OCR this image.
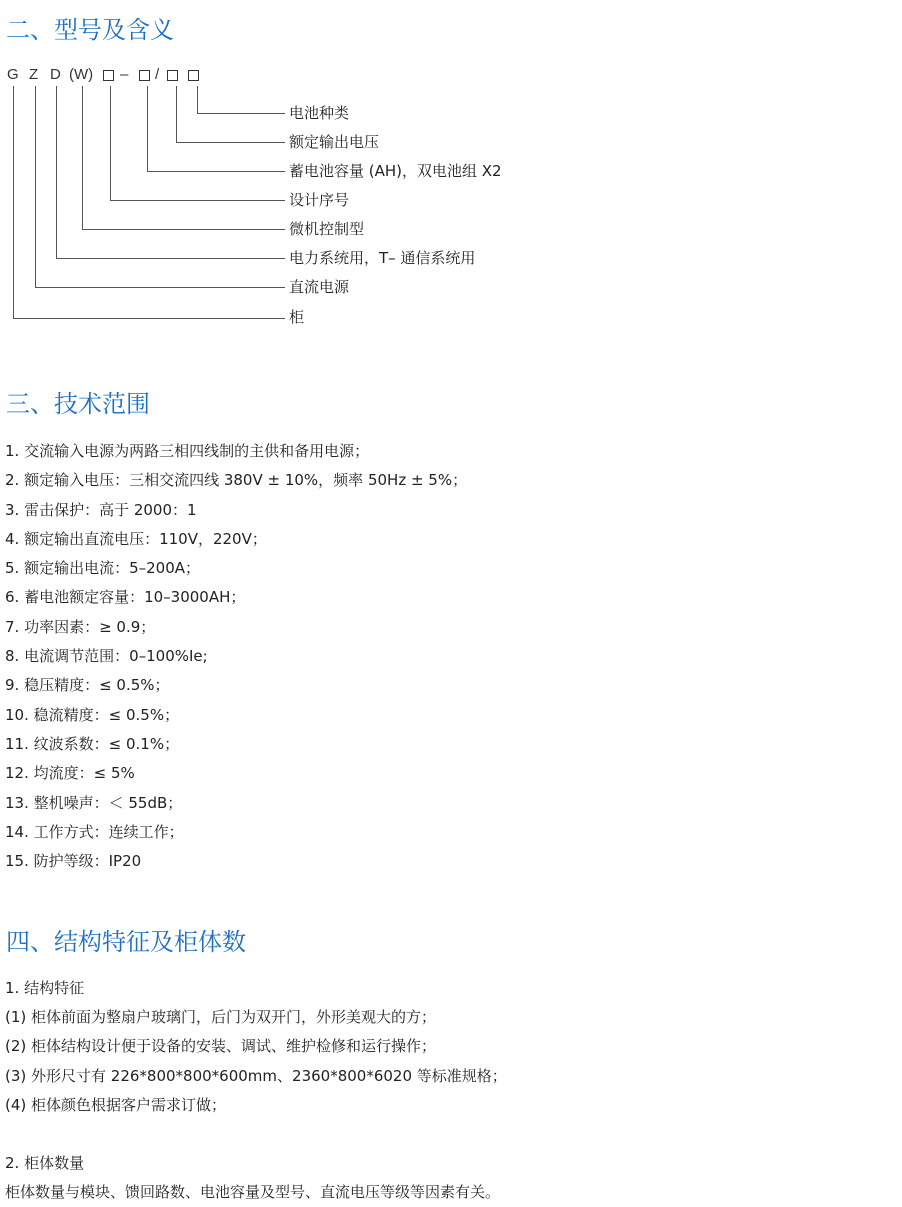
二、型号及含义
G Z D (W) – /
电池种类
额定输出电压
蓄电池容量 (AH)，双电池组 X2
设计序号
微机控制型
电力系统用，T– 通信系统用
直流电源
柜
三、技术范围
1. 交流输入电源为两路三相四线制的主供和备用电源；
2. 额定输入电压：三相交流四线 380V ± 10%，频率 50Hz ± 5%；
3. 雷击保护：高于 2000：1
4. 额定输出直流电压：110V，220V；
5. 额定输出电流：5–200A；
6. 蓄电池额定容量：10–3000AH；
7. 功率因素：≥ 0.9；
8. 电流调节范围：0–100%Ie;
9. 稳压精度：≤ 0.5%；
10. 稳流精度：≤ 0.5%；
11. 纹波系数：≤ 0.1%；
12. 均流度：≤ 5%
13. 整机噪声：＜ 55dB；
14. 工作方式：连续工作；
15. 防护等级：IP20
四、结构特征及柜体数

1. 结构特征

(1) 柜体前面为整扇户玻璃门，后门为双开门，外形美观大的方；
(2) 柜体结构设计便于设备的安装、调试、维护检修和运行操作；
(3) 外形尺寸有 226*800*800*600mm、2360*800*6020 等标准规格；
(4) 柜体颜色根据客户需求订做；

2. 柜体数量

柜体数量与模块、馈回路数、电池容量及型号、直流电压等级等因素有关。
